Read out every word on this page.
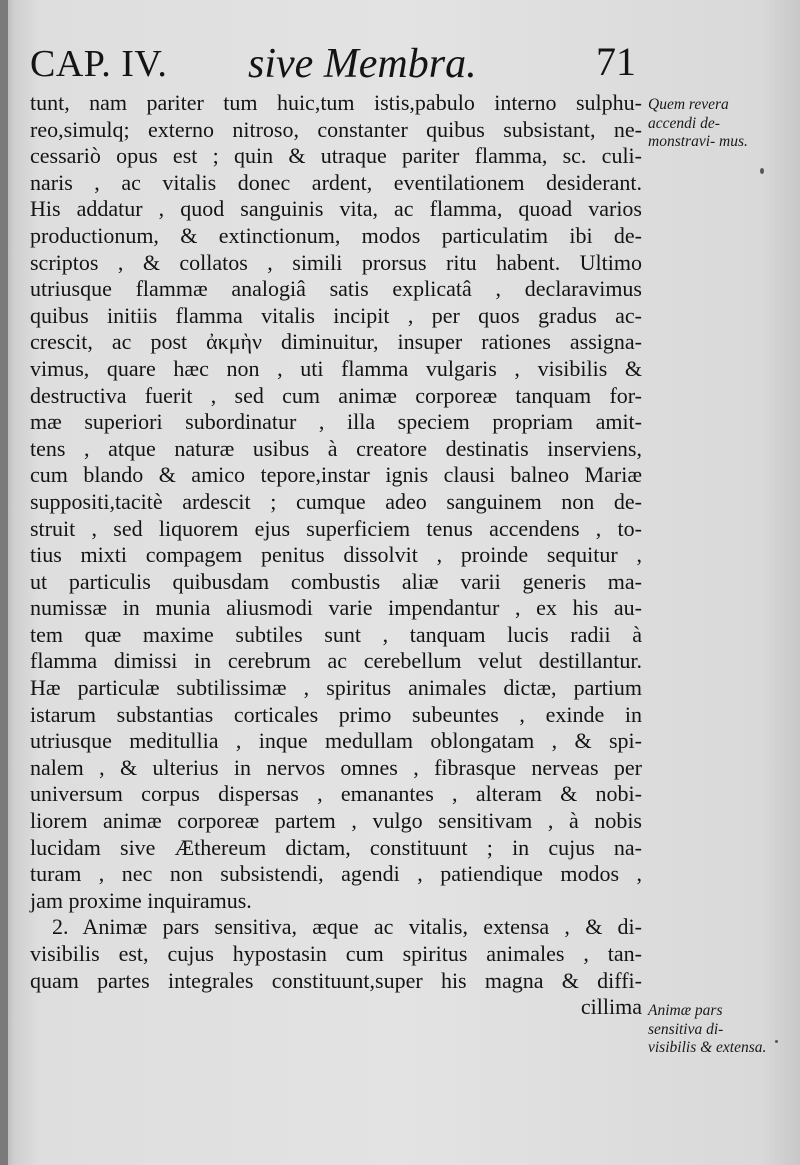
CAP. IV. sive Membra.	71
tunt, nam pariter tum huic,tum istis,pabulo interno sulphu-
reo,simulq; externo nitroso, constanter quibus subsistant, ne-
cessariò opus est ; quin & utraque pariter flamma, sc. culi-
naris , ac vitalis donec ardent, eventilationem desiderant.
His addatur , quod sanguinis vita, ac flamma, quoad varios
productionum, & extinctionum, modos particulatim ibi de-
scriptos , & collatos , simili prorsus ritu habent. Ultimo
utriusque flammæ analogiâ satis explicatâ , declaravimus
quibus initiis flamma vitalis incipit , per quos gradus ac-
crescit, ac post ἀκμὴν diminuitur, insuper rationes assigna-
vimus, quare hæc non , uti flamma vulgaris , visibilis &
destructiva fuerit , sed cum animæ corporeæ tanquam for-
mæ superiori subordinatur , illa speciem propriam amit-
tens , atque naturæ usibus à creatore destinatis inserviens,
cum blando & amico tepore,instar ignis clausi balneo Mariæ
suppositi,tacitè ardescit ; cumque adeo sanguinem non de-
struit , sed liquorem ejus superficiem tenus accendens , to-
tius mixti compagem penitus dissolvit , proinde sequitur ,
ut particulis quibusdam combustis aliæ varii generis ma-
numissæ in munia aliusmodi varie impendantur , ex his au-
tem quæ maxime subtiles sunt , tanquam lucis radii à
flamma dimissi in cerebrum ac cerebellum velut destillantur.
Hæ particulæ subtilissimæ , spiritus animales dictæ, partium
istarum substantias corticales primo subeuntes , exinde in
utriusque meditullia , inque medullam oblongatam , & spi-
nalem , & ulterius in nervos omnes , fibrasque nerveas per
universum corpus dispersas , emanantes , alteram & nobi-
liorem animæ corporeæ partem , vulgo sensitivam , à nobis
lucidam sive Æthereum dictam, constituunt ; in cujus na-
turam , nec non subsistendi, agendi , patiendique modos ,
jam proxime inquiramus.
2. Animæ pars sensitiva, æque ac vitalis, extensa , & di-
visibilis est, cujus hypostasin cum spiritus animales , tan-
quam partes integrales constituunt,super his magna & diffi-
cillima
Quem revera accendi de- monstravi- mus.
Animæ pars sensitiva di- visibilis & extensa.
